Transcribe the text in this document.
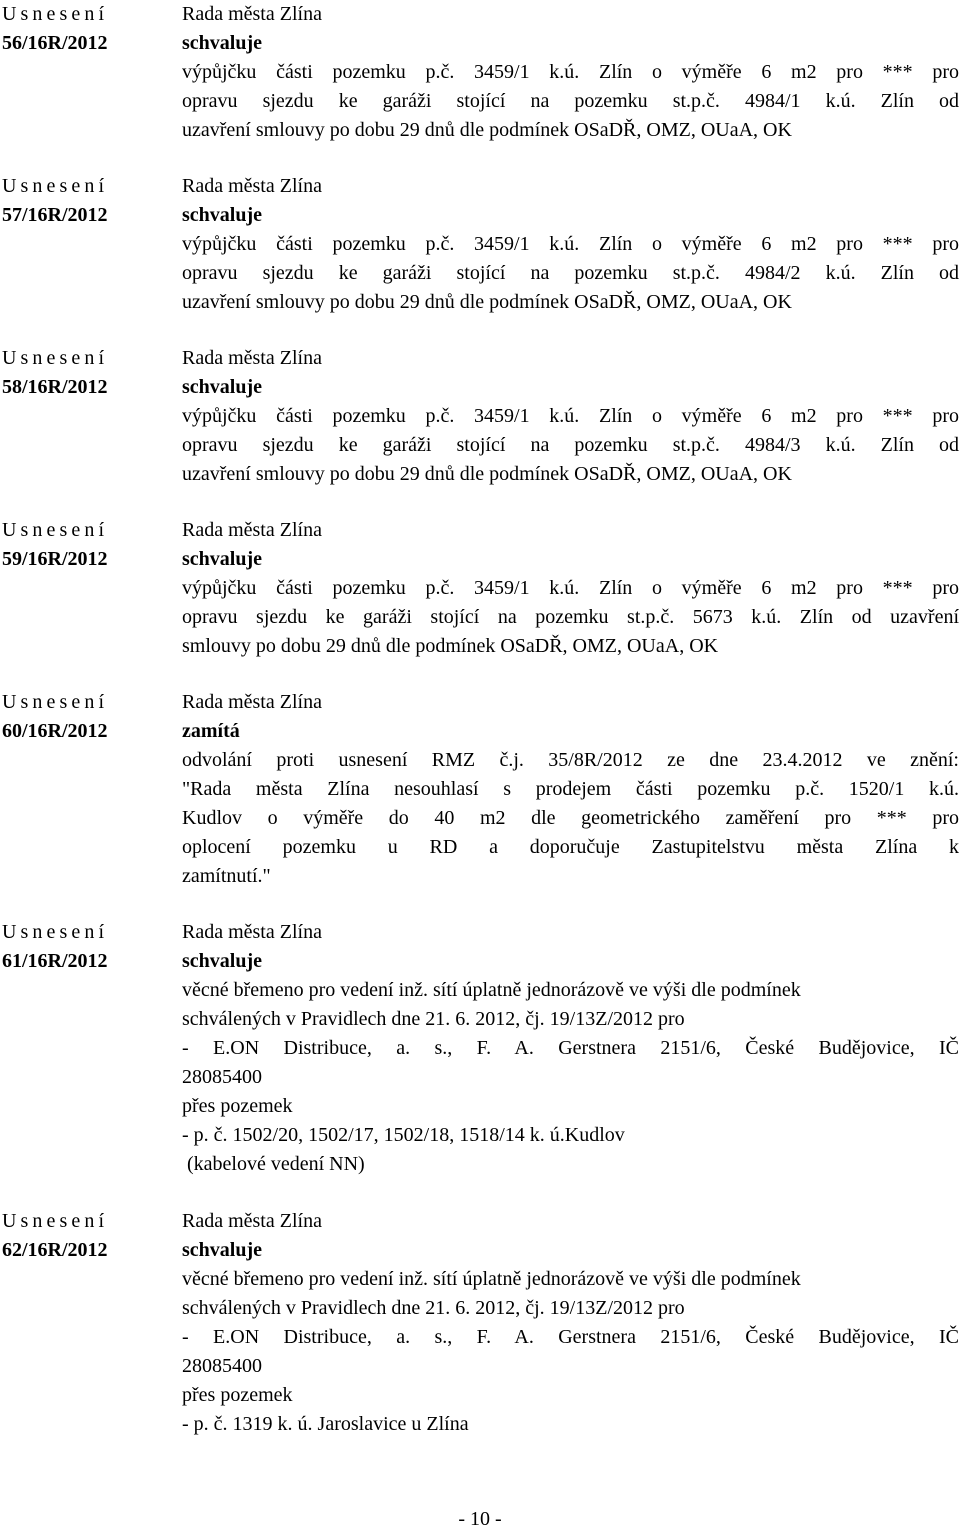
Usnesení
56/16R/2012
Rada města Zlína
schvaluje
výpůjčku části pozemku p.č. 3459/1 k.ú. Zlín o výměře 6 m2 pro *** pro
opravu sjezdu ke garáži stojící na pozemku st.p.č. 4984/1 k.ú. Zlín od
uzavření smlouvy po dobu 29 dnů dle podmínek OSaDŘ, OMZ, OUaA, OK
Usnesení
57/16R/2012
Rada města Zlína
schvaluje
výpůjčku části pozemku p.č. 3459/1 k.ú. Zlín o výměře 6 m2 pro *** pro
opravu sjezdu ke garáži stojící na pozemku st.p.č. 4984/2 k.ú. Zlín od
uzavření smlouvy po dobu 29 dnů dle podmínek OSaDŘ, OMZ, OUaA, OK
Usnesení
58/16R/2012
Rada města Zlína
schvaluje
výpůjčku části pozemku p.č. 3459/1 k.ú. Zlín o výměře 6 m2 pro *** pro
opravu sjezdu ke garáži stojící na pozemku st.p.č. 4984/3 k.ú. Zlín od
uzavření smlouvy po dobu 29 dnů dle podmínek OSaDŘ, OMZ, OUaA, OK
Usnesení
59/16R/2012
Rada města Zlína
schvaluje
výpůjčku části pozemku p.č. 3459/1 k.ú. Zlín o výměře 6 m2 pro *** pro
opravu sjezdu ke garáži stojící na pozemku st.p.č. 5673 k.ú. Zlín od uzavření
smlouvy po dobu 29 dnů dle podmínek OSaDŘ, OMZ, OUaA, OK
Usnesení
60/16R/2012
Rada města Zlína
zamítá
odvolání proti usnesení RMZ č.j. 35/8R/2012 ze dne 23.4.2012 ve znění:
"Rada města Zlína nesouhlasí s prodejem části pozemku p.č. 1520/1 k.ú.
Kudlov o výměře do 40 m2 dle geometrického zaměření pro *** pro
oplocení pozemku u RD a doporučuje Zastupitelstvu města Zlína k
zamítnutí."
Usnesení
61/16R/2012
Rada města Zlína
schvaluje
věcné břemeno pro vedení inž. sítí úplatně jednorázově ve výši dle podmínek
schválených v Pravidlech dne 21. 6. 2012, čj. 19/13Z/2012 pro
- E.ON Distribuce, a. s., F. A. Gerstnera 2151/6, České Budějovice, IČ
28085400
přes pozemek
- p. č. 1502/20, 1502/17, 1502/18, 1518/14 k. ú.Kudlov
(kabelové vedení NN)
Usnesení
62/16R/2012
Rada města Zlína
schvaluje
věcné břemeno pro vedení inž. sítí úplatně jednorázově ve výši dle podmínek
schválených v Pravidlech dne 21. 6. 2012, čj. 19/13Z/2012 pro
- E.ON Distribuce, a. s., F. A. Gerstnera 2151/6, České Budějovice, IČ
28085400
přes pozemek
- p. č. 1319 k. ú. Jaroslavice u Zlína
- 10 -
